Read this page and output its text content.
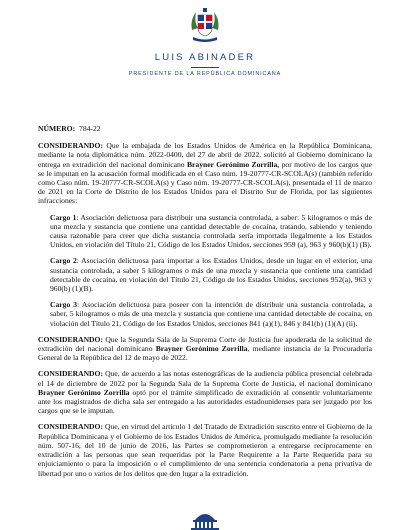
LUIS ABINADER
PRESIDENTE DE LA REPÚBLICA DOMINICANA
NÚMERO: 784-22

CONSIDERANDO: Que la embajada de los Estados Unidos de América en la República Dominicana, mediante la nota diplomática núm. 2022-0400, del 27 de abril de 2022, solicitó al Gobierno dominicano la entrega en extradición del nacional dominicano Brayner Gerónimo Zorrilla, por motivo de los cargos que se le imputan en la acusación formal modificada en el Caso núm. 19-20777-CR-SCOLA(s) (también referido como Caso núm. 19-20777-CR-SCOLA(s) y Caso núm. 19-20777-CR-SCOLA(s), presentada el 11 de marzo de 2021 en la Corte de Distrito de los Estados Unidos para el Distrito Sur de Florida, por las siguientes infracciones:

Cargo 1: Asociación delictuosa para distribuir una sustancia controlada, a saber: 5 kilogramos o más de una mezcla y sustancia que contiene una cantidad detectable de cocaína, tratando, sabiendo y teniendo causa razonable para creer que dicha sustancia controlada sería importada ilegalmente a los Estados Unidos, en violación del Título 21, Código de los Estados Unidos, secciones 959 (a), 963 y 960(b)(1) (B).

Cargo 2: Asociación delictuosa para importar a los Estados Unidos, desde un lugar en el exterior, una sustancia controlada, a saber 5 kilogramos o más de una mezcla y sustancia que contiene una cantidad detectable de cocaína, en violación del Título 21, Código de los Estados Unidos, secciones 952(a), 963 y 960(b) (1)(B).

Cargo 3: Asociación delictuosa para poseer con la intención de distribuir una sustancia controlada, a saber, 5 kilogramos o más de una mezcla y sustancia que contiene una cantidad detectable de cocaína, en violación del Título 21, Código de los Estados Unidos, secciones 841 (a)(1), 846 y 841(b) (1)(A) (ii).

CONSIDERANDO: Que la Segunda Sala de la Suprema Corte de Justicia fue apoderada de la solicitud de extradición del nacional dominicano Brayner Gerónimo Zorrilla, mediante instancia de la Procuraduría General de la República del 12 de mayo de 2022.

CONSIDERANDO: Que, de acuerdo a las notas estenográficas de la audiencia pública presencial celebrada el 14 de diciembre de 2022 por la Segunda Sala de la Suprema Corte de Justicia, el nacional dominicano Brayner Gerónimo Zorrilla optó por el trámite simplificado de extradición al consentir voluntariamente ante los magistrados de dicha sala ser entregado a las autoridades estadounidenses para ser juzgado por los cargos que se le imputan.

CONSIDERANDO: Que, en virtud del artículo 1 del Tratado de Extradición suscrito entre el Gobierno de la República Dominicana y el Gobierno de los Estados Unidos de América, promulgado mediante la resolución núm. 507-16, del 10 de junio de 2016, las Partes se comprometieron a entregarse recíprocamente en extradición a las personas que sean requeridas por la Parte Requirente a la Parte Requerida para su enjuiciamiento o para la imposición o el cumplimiento de una sentencia condenatoria a pena privativa de libertad por uno o varios de los delitos que den lugar a la extradición.
